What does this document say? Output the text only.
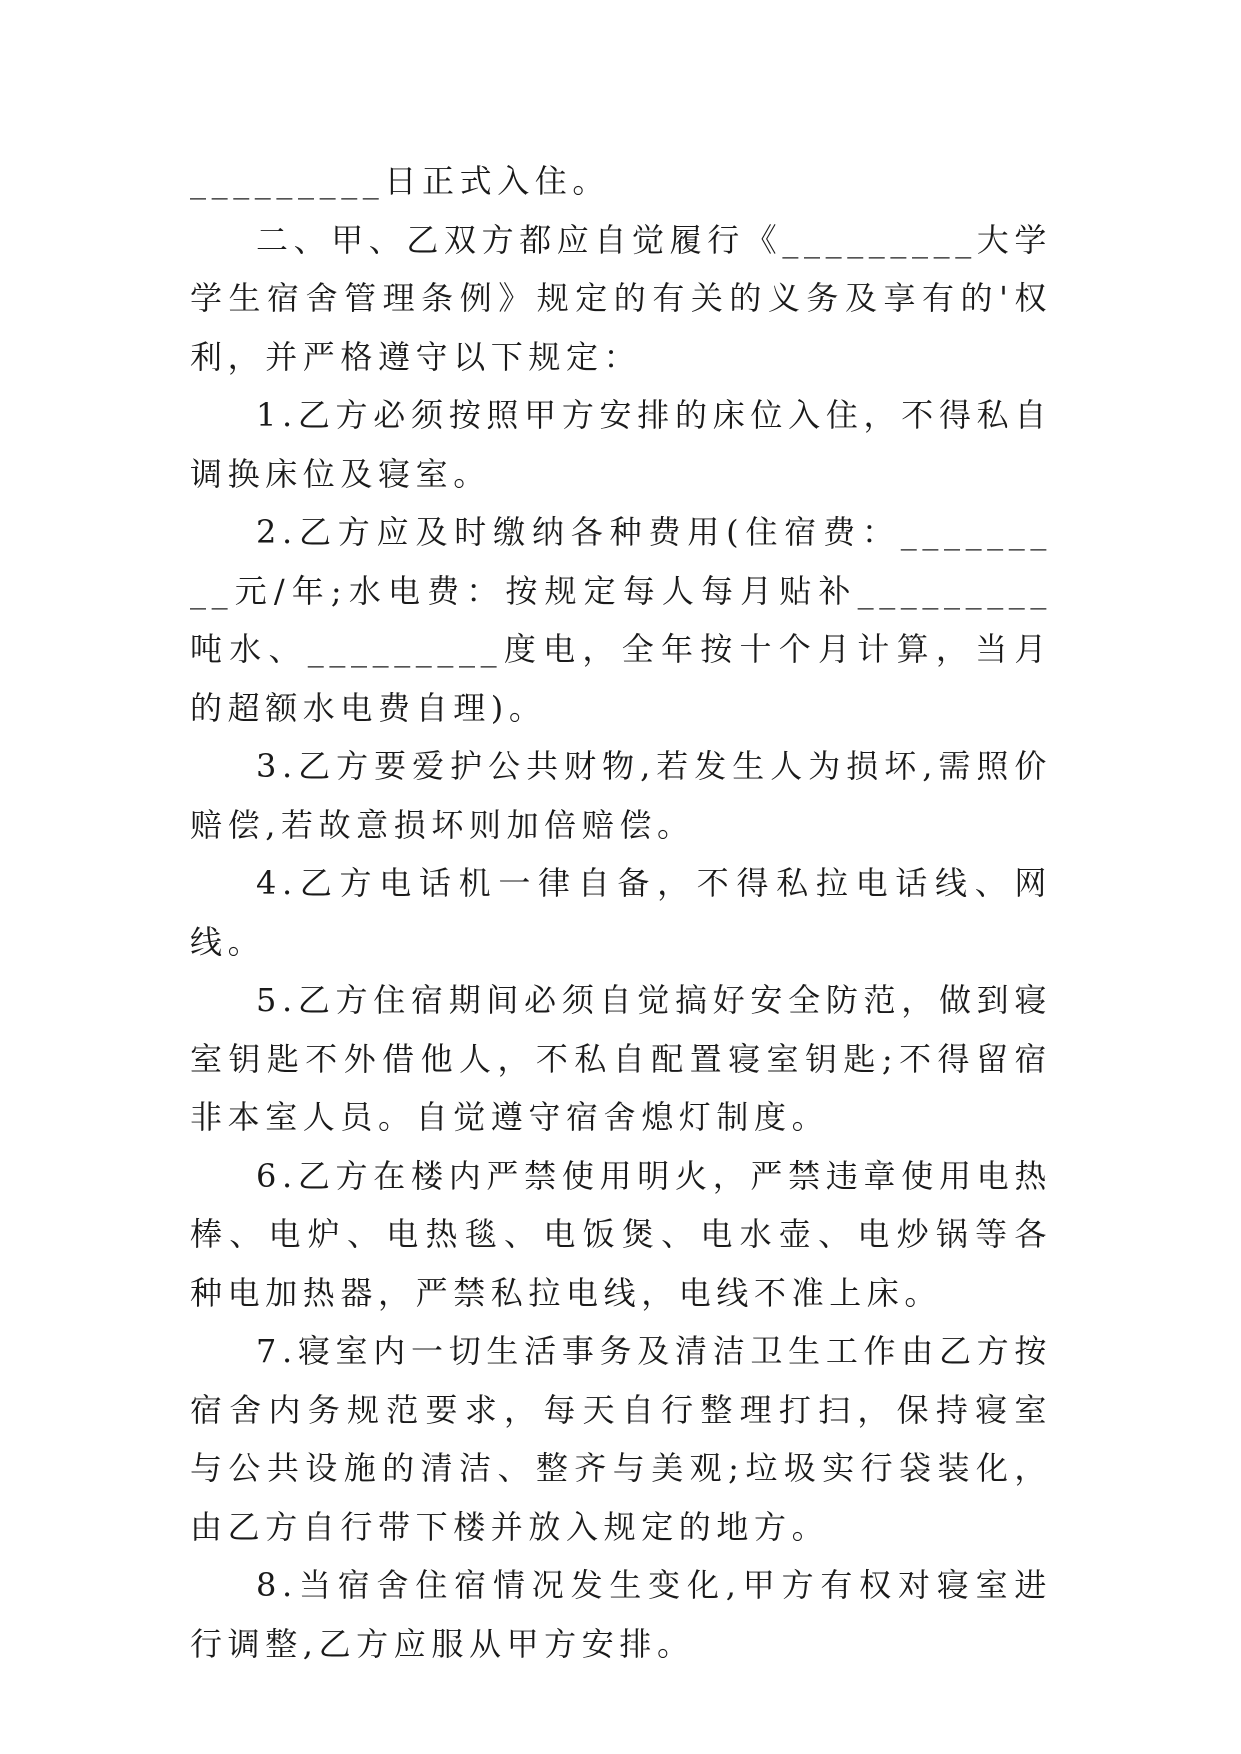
_________日正式入住。

二、甲、乙双方都应自觉履行《_________大学学生宿舍管理条例》规定的有关的义务及享有的'权利，并严格遵守以下规定：

1.乙方必须按照甲方安排的床位入住，不得私自调换床位及寝室。

2.乙方应及时缴纳各种费用(住宿费：_________元/年;水电费：按规定每人每月贴补_________吨水、_________度电，全年按十个月计算，当月的超额水电费自理)。

3.乙方要爱护公共财物,若发生人为损坏,需照价赔偿,若故意损坏则加倍赔偿。

4.乙方电话机一律自备，不得私拉电话线、网线。

5.乙方住宿期间必须自觉搞好安全防范，做到寝室钥匙不外借他人，不私自配置寝室钥匙;不得留宿非本室人员。自觉遵守宿舍熄灯制度。

6.乙方在楼内严禁使用明火，严禁违章使用电热棒、电炉、电热毯、电饭煲、电水壶、电炒锅等各种电加热器，严禁私拉电线，电线不准上床。

7.寝室内一切生活事务及清洁卫生工作由乙方按宿舍内务规范要求，每天自行整理打扫，保持寝室与公共设施的清洁、整齐与美观;垃圾实行袋装化，由乙方自行带下楼并放入规定的地方。

8.当宿舍住宿情况发生变化,甲方有权对寝室进行调整,乙方应服从甲方安排。
